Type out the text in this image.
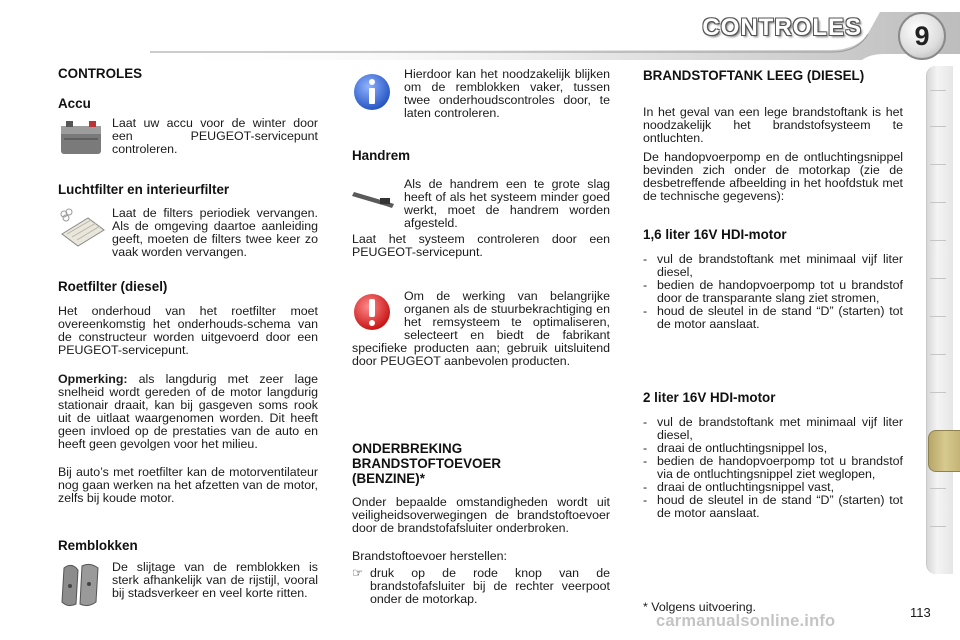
CONTROLES	9
CONTROLES
Accu
Laat uw accu voor de winter door een PEUGEOT-servicepunt controleren.
Luchtfilter en interieurfilter
Laat de filters periodiek vervangen. Als de omgeving daartoe aanleiding geeft, moeten de filters twee keer zo vaak worden vervangen.
Roetfilter (diesel)
Het onderhoud van het roetfilter moet overeenkomstig het onderhouds-schema van de constructeur worden uitgevoerd door een PEUGEOT-servicepunt.
Opmerking: als langdurig met zeer lage snelheid wordt gereden of de motor langdurig stationair draait, kan bij gasgeven soms rook uit de uitlaat waargenomen worden. Dit heeft geen invloed op de prestaties van de auto en heeft geen gevolgen voor het milieu.
Bij auto’s met roetfilter kan de motorventilateur nog gaan werken na het afzetten van de motor, zelfs bij koude motor.
Remblokken
De slijtage van de remblokken is sterk afhankelijk van de rijstijl, vooral bij stadsverkeer en veel korte ritten.
Hierdoor kan het noodzakelijk blijken om de remblokken vaker, tussen twee onderhoudscontroles door, te laten controleren.
Handrem
Als de handrem een te grote slag heeft of als het systeem minder goed werkt, moet de handrem worden afgesteld.
Laat het systeem controleren door een PEUGEOT-servicepunt.
Om de werking van belangrijke organen als de stuurbekrachtiging en het remsysteem te optimaliseren, selecteert en biedt de fabrikant specifieke producten aan; gebruik uitsluitend door PEUGEOT aanbevolen producten.
ONDERBREKING BRANDSTOFTOEVOER (BENZINE)*
Onder bepaalde omstandigheden wordt uit veiligheidsoverwegingen de brandstoftoevoer door de brandstofafsluiter onderbroken.
Brandstoftoevoer herstellen:
☞ druk op de rode knop van de brandstofafsluiter bij de rechter veerpoot onder de motorkap.
BRANDSTOFTANK LEEG (DIESEL)
In het geval van een lege brandstoftank is het noodzakelijk het brandstofsysteem te ontluchten.
De handopvoerpomp en de ontluchtingsnippel bevinden zich onder de motorkap (zie de desbetreffende afbeelding in het hoofdstuk met de technische gegevens):
1,6 liter 16V HDI-motor
- vul de brandstoftank met minimaal vijf liter diesel,
- bedien de handopvoerpomp tot u brandstof door de transparante slang ziet stromen,
- houd de sleutel in de stand “D” (starten) tot de motor aanslaat.
2 liter 16V HDI-motor
- vul de brandstoftank met minimaal vijf liter diesel,
- draai de ontluchtingsnippel los,
- bedien de handopvoerpomp tot u brandstof via de ontluchtingsnippel ziet weglopen,
- draai de ontluchtingsnippel vast,
- houd de sleutel in de stand “D” (starten) tot de motor aanslaat.
* Volgens uitvoering.	113
carmanualsonline.info
